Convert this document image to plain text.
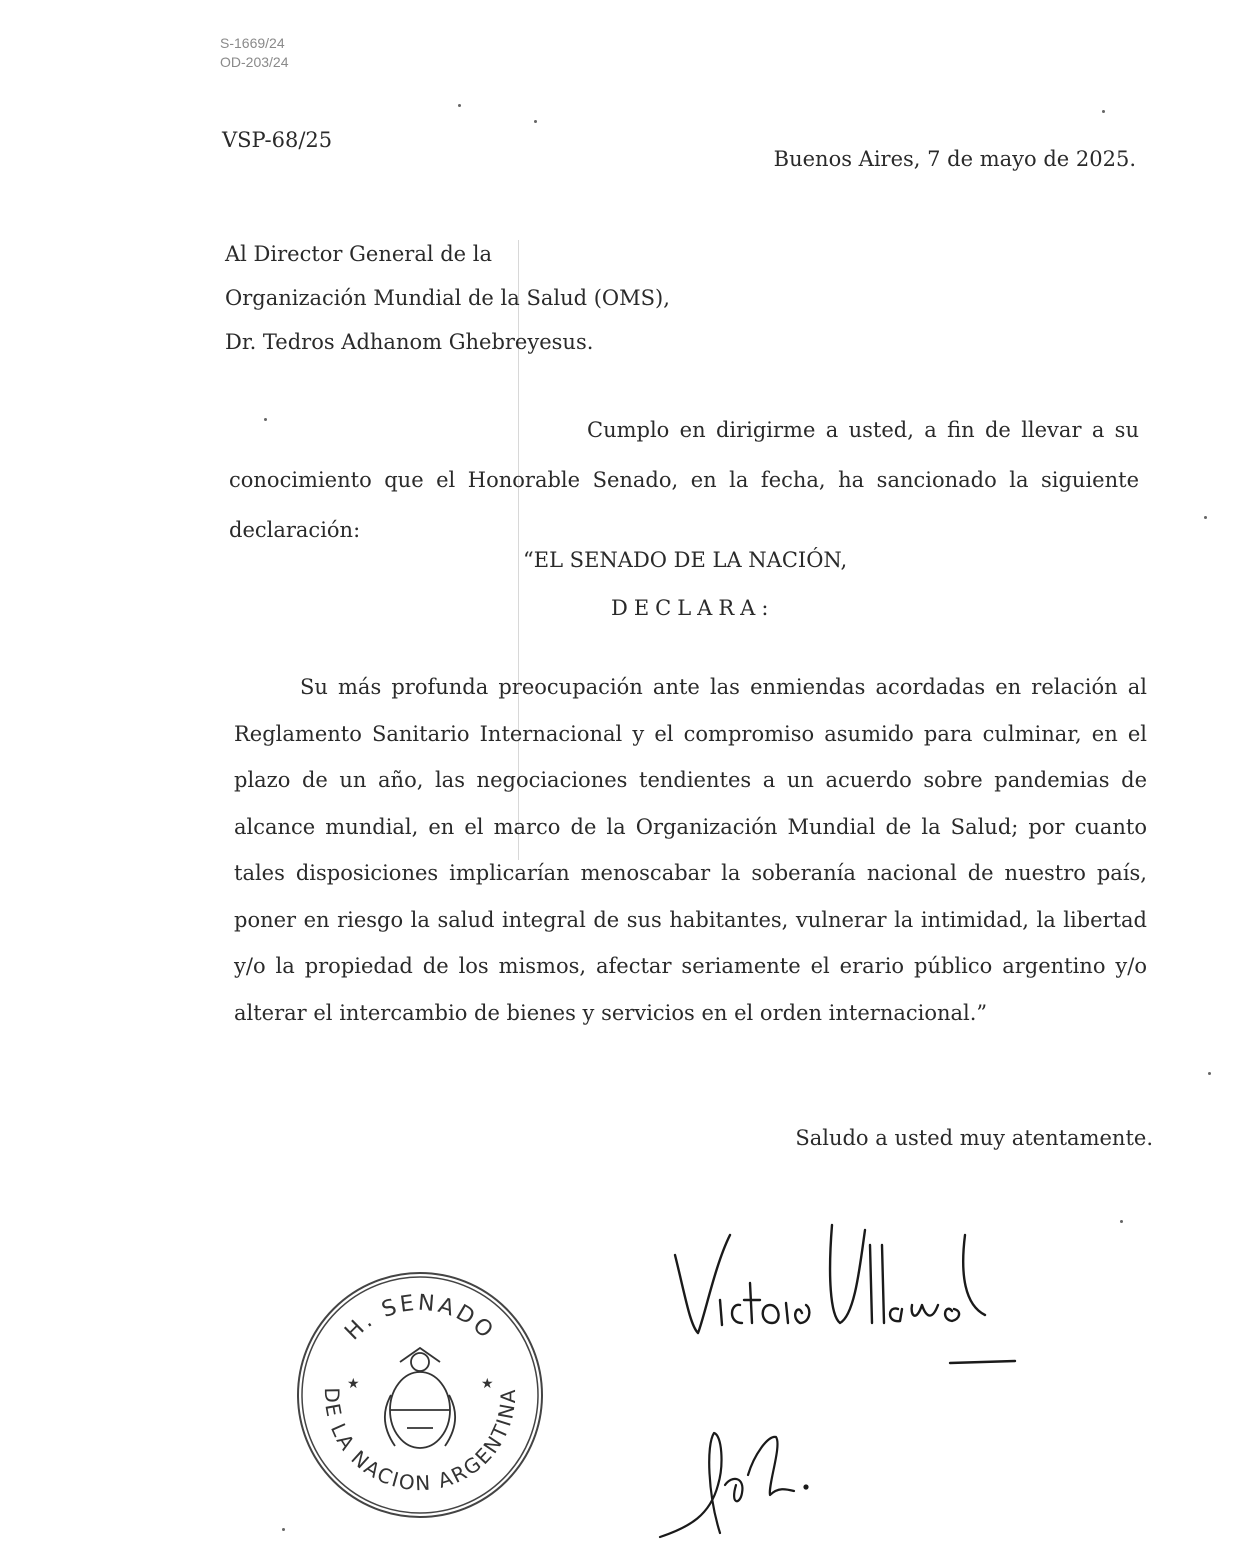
S-1669/24
OD-203/24
VSP-68/25
Buenos Aires, 7 de mayo de 2025.
Al Director General de la
Organización Mundial de la Salud (OMS),
Dr. Tedros Adhanom Ghebreyesus.
Cumplo en dirigirme a usted, a fin de llevar a su conocimiento que el Honorable Senado, en la fecha, ha sancionado la siguiente declaración:
“EL SENADO DE LA NACIÓN,
DECLARA:
Su más profunda preocupación ante las enmiendas acordadas en relación al Reglamento Sanitario Internacional y el compromiso asumido para culminar, en el plazo de un año, las negociaciones tendientes a un acuerdo sobre pandemias de alcance mundial, en el marco de la Organización Mundial de la Salud; por cuanto tales disposiciones implicarían menoscabar la soberanía nacional de nuestro país, poner en riesgo la salud integral de sus habitantes, vulnerar la intimidad, la libertad y/o la propiedad de los mismos, afectar seriamente el erario público argentino y/o alterar el intercambio de bienes y servicios en el orden internacional.”
Saludo a usted muy atentamente.
H. SENADO
DE LA NACION ARGENTINA
★	★
